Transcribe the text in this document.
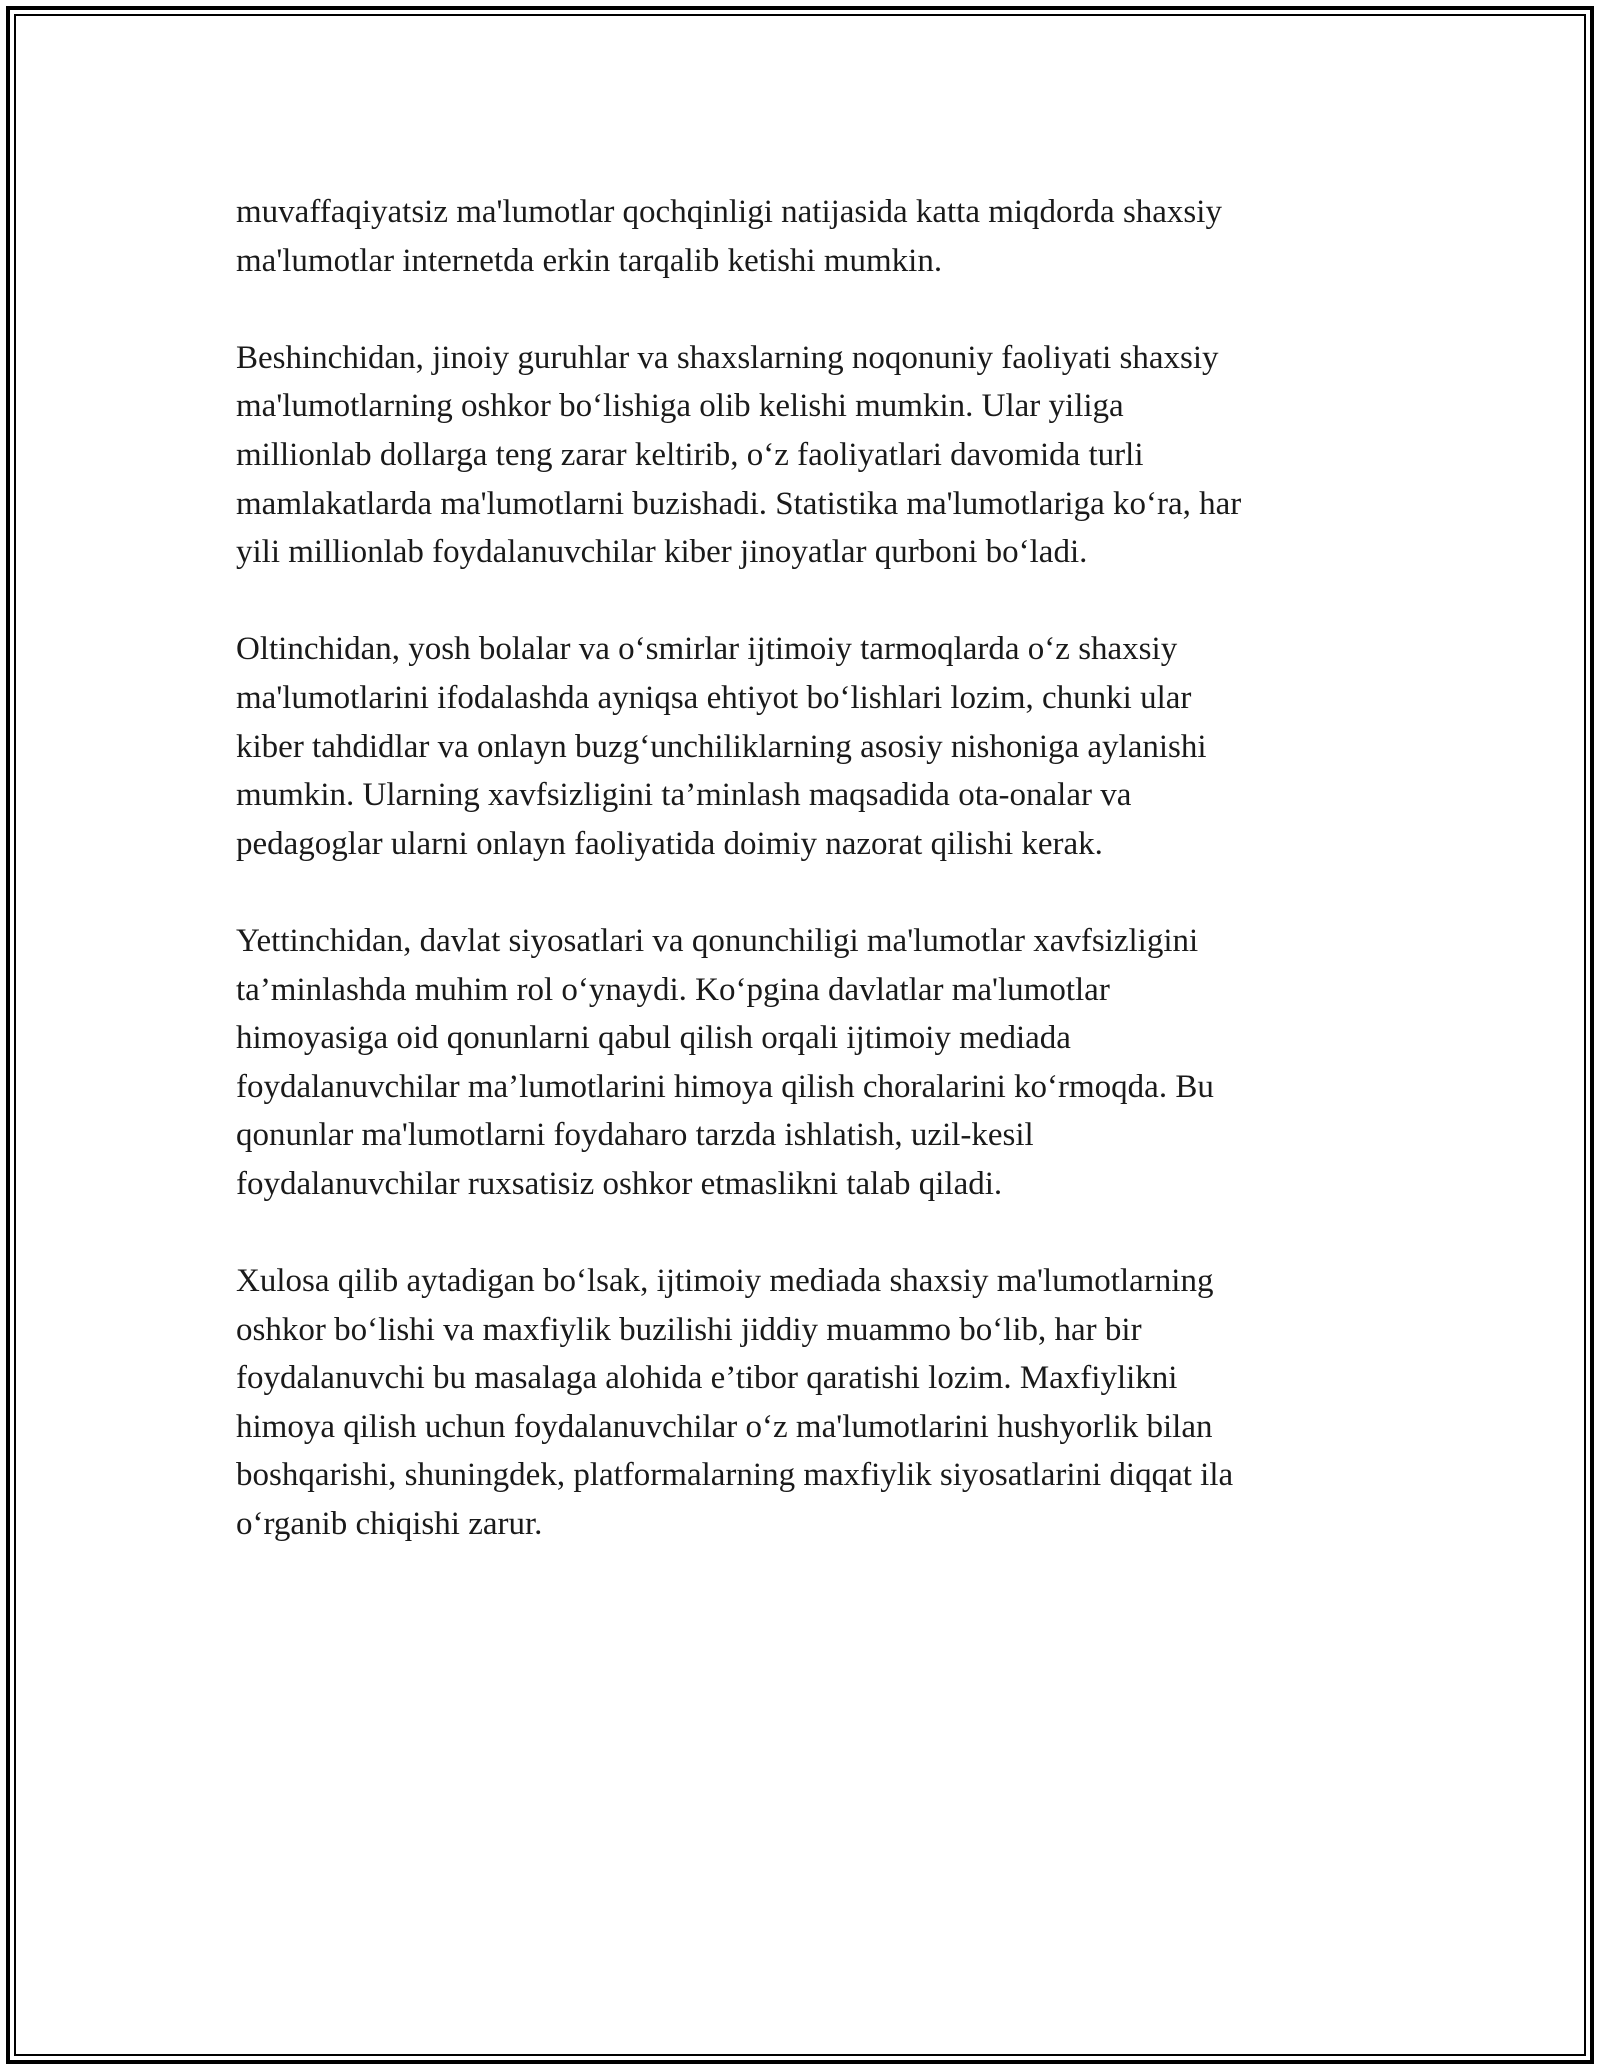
muvaffaqiyatsiz ma'lumotlar qochqinligi natijasida katta miqdorda shaxsiy
ma'lumotlar internetda erkin tarqalib ketishi mumkin.

Beshinchidan, jinoiy guruhlar va shaxslarning noqonuniy faoliyati shaxsiy
ma'lumotlarning oshkor bo‘lishiga olib kelishi mumkin. Ular yiliga
millionlab dollarga teng zarar keltirib, o‘z faoliyatlari davomida turli
mamlakatlarda ma'lumotlarni buzishadi. Statistika ma'lumotlariga ko‘ra, har
yili millionlab foydalanuvchilar kiber jinoyatlar qurboni bo‘ladi.

Oltinchidan, yosh bolalar va o‘smirlar ijtimoiy tarmoqlarda o‘z shaxsiy
ma'lumotlarini ifodalashda ayniqsa ehtiyot bo‘lishlari lozim, chunki ular
kiber tahdidlar va onlayn buzg‘unchiliklarning asosiy nishoniga aylanishi
mumkin. Ularning xavfsizligini ta’minlash maqsadida ota-onalar va
pedagoglar ularni onlayn faoliyatida doimiy nazorat qilishi kerak.

Yettinchidan, davlat siyosatlari va qonunchiligi ma'lumotlar xavfsizligini
ta’minlashda muhim rol o‘ynaydi. Ko‘pgina davlatlar ma'lumotlar
himoyasiga oid qonunlarni qabul qilish orqali ijtimoiy mediada
foydalanuvchilar ma’lumotlarini himoya qilish choralarini ko‘rmoqda. Bu
qonunlar ma'lumotlarni foydaharo tarzda ishlatish, uzil-kesil
foydalanuvchilar ruxsatisiz oshkor etmaslikni talab qiladi.

Xulosa qilib aytadigan bo‘lsak, ijtimoiy mediada shaxsiy ma'lumotlarning
oshkor bo‘lishi va maxfiylik buzilishi jiddiy muammo bo‘lib, har bir
foydalanuvchi bu masalaga alohida e’tibor qaratishi lozim. Maxfiylikni
himoya qilish uchun foydalanuvchilar o‘z ma'lumotlarini hushyorlik bilan
boshqarishi, shuningdek, platformalarning maxfiylik siyosatlarini diqqat ila
o‘rganib chiqishi zarur.
